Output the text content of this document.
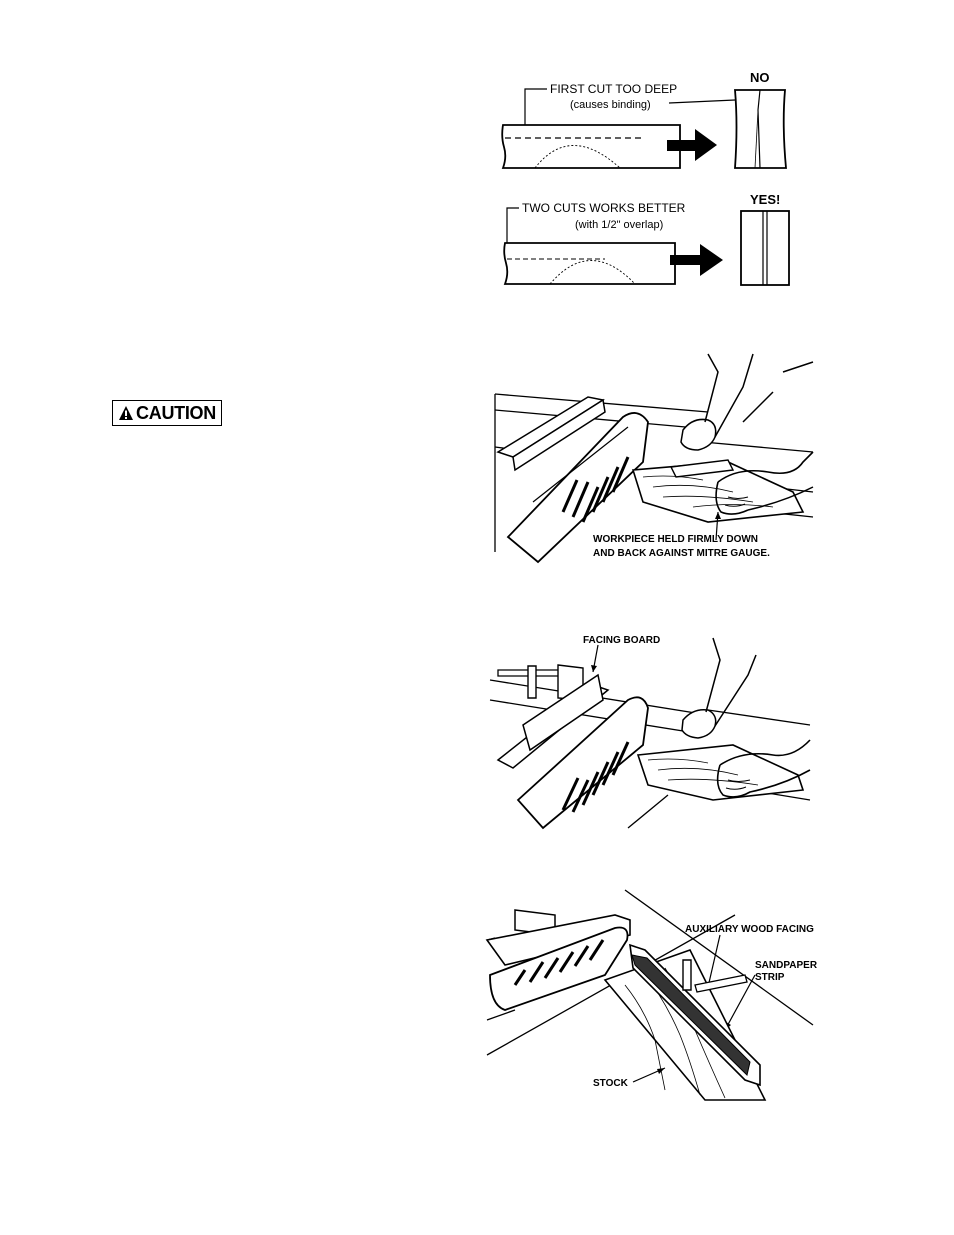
NO
FIRST CUT TOO DEEP
(causes binding)
YES!
TWO CUTS WORKS BETTER
(with 1/2" overlap)
CAUTION
WORKPIECE HELD FIRMLY DOWN
AND BACK AGAINST MITRE GAUGE.
FACING BOARD
AUXILIARY WOOD FACING
SANDPAPER
STRIP
STOCK
